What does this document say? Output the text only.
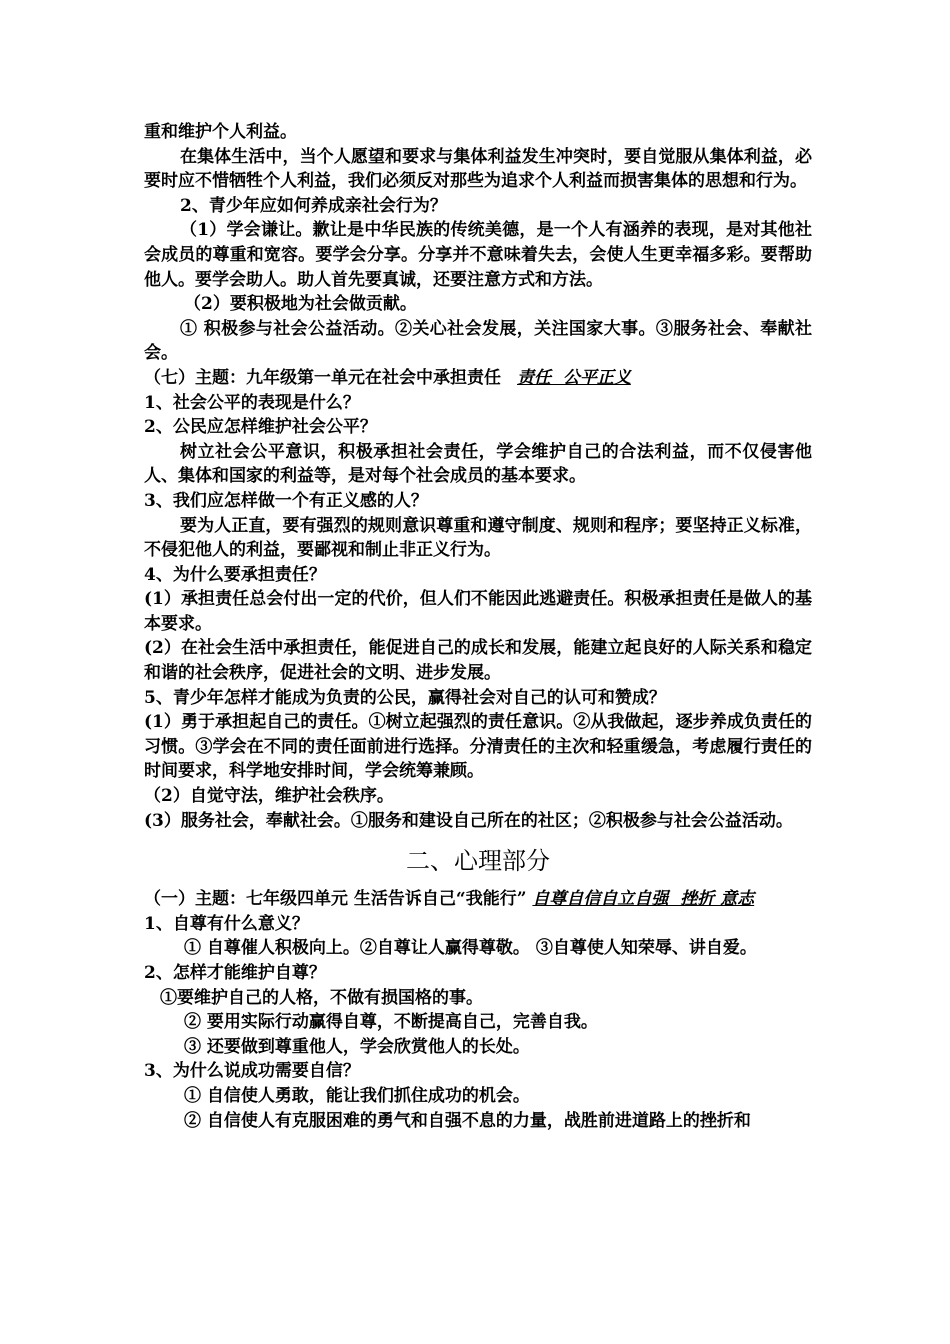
重和维护个人利益。

在集体生活中，当个人愿望和要求与集体利益发生冲突时，要自觉服从集体利益，必要时应不惜牺牲个人利益，我们必须反对那些为追求个人利益而损害集体的思想和行为。

2、青少年应如何养成亲社会行为？

（1）学会谦让。歉让是中华民族的传统美德，是一个人有涵养的表现，是对其他社会成员的尊重和宽容。要学会分享。分享并不意味着失去，会使人生更幸福多彩。要帮助他人。要学会助人。助人首先要真诚，还要注意方式和方法。

（2）要积极地为社会做贡献。

① 积极参与社会公益活动。②关心社会发展，关注国家大事。③服务社会、奉献社会。

（七）主题：九年级第一单元在社会中承担责任 责任  公平正义

1、社会公平的表现是什么？

2、公民应怎样维护社会公平？

树立社会公平意识，积极承担社会责任，学会维护自己的合法利益，而不仅侵害他人、集体和国家的利益等，是对每个社会成员的基本要求。

3、我们应怎样做一个有正义感的人？

要为人正直，要有强烈的规则意识尊重和遵守制度、规则和程序；要坚持正义标准，不侵犯他人的利益，要鄙视和制止非正义行为。

4、为什么要承担责任？

(1）承担责任总会付出一定的代价，但人们不能因此逃避责任。积极承担责任是做人的基本要求。

(2）在社会生活中承担责任，能促进自己的成长和发展，能建立起良好的人际关系和稳定和谐的社会秩序，促进社会的文明、进步发展。

5、青少年怎样才能成为负责的公民，赢得社会对自己的认可和赞成？

(1）勇于承担起自己的责任。①树立起强烈的责任意识。②从我做起，逐步养成负责任的习惯。③学会在不同的责任面前进行选择。分清责任的主次和轻重缓急，考虑履行责任的时间要求，科学地安排时间，学会统筹兼顾。

（2）自觉守法，维护社会秩序。

(3）服务社会，奉献社会。①服务和建设自己所在的社区；②积极参与社会公益活动。

二、心理部分

（一）主题：七年级四单元 生活告诉自己“我能行” 自尊自信自立自强  挫折 意志

1、自尊有什么意义？

① 自尊催人积极向上。②自尊让人赢得尊敬。 ③自尊使人知荣辱、讲自爱。

2、怎样才能维护自尊？

①要维护自己的人格，不做有损国格的事。

② 要用实际行动赢得自尊，不断提高自己，完善自我。

③ 还要做到尊重他人，学会欣赏他人的长处。

3、为什么说成功需要自信？

① 自信使人勇敢，能让我们抓住成功的机会。

② 自信使人有克服困难的勇气和自强不息的力量，战胜前进道路上的挫折和
